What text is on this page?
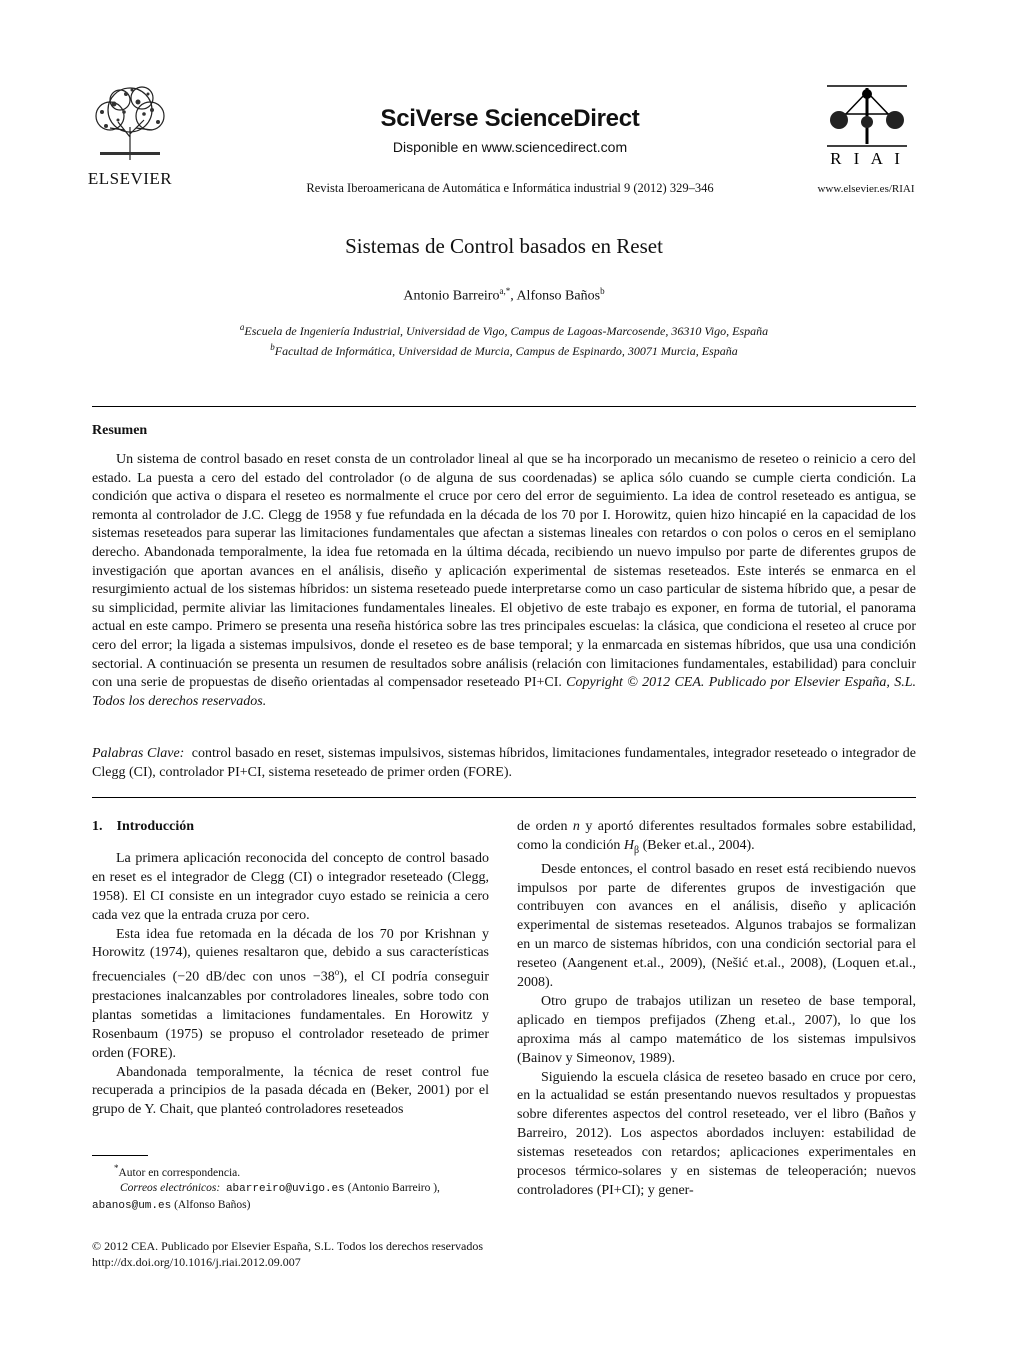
ELSEVIER
SciVerse ScienceDirect
Disponible en www.sciencedirect.com
Revista Iberoamericana de Automática e Informática industrial 9 (2012) 329–346
R I A I
www.elsevier.es/RIAI
Sistemas de Control basados en Reset
Antonio Barreiro$^{a,*}$, Alfonso Baños$^b$
$^a$Escuela de Ingeniería Industrial, Universidad de Vigo, Campus de Lagoas-Marcosende, 36310 Vigo, España
$^b$Facultad de Informática, Universidad de Murcia, Campus de Espinardo, 30071 Murcia, España
Resumen
Un sistema de control basado en reset consta de un controlador lineal al que se ha incorporado un mecanismo de reseteo o reinicio a cero del estado. La puesta a cero del estado del controlador (o de alguna de sus coordenadas) se aplica sólo cuando se cumple cierta condición. La condición que activa o dispara el reseteo es normalmente el cruce por cero del error de seguimiento. La idea de control reseteado es antigua, se remonta al controlador de J.C. Clegg de 1958 y fue refundada en la década de los 70 por I. Horowitz, quien hizo hincapié en la capacidad de los sistemas reseteados para superar las limitaciones fundamentales que afectan a sistemas lineales con retardos o con polos o ceros en el semiplano derecho. Abandonada temporalmente, la idea fue retomada en la última década, recibiendo un nuevo impulso por parte de diferentes grupos de investigación que aportan avances en el análisis, diseño y aplicación experimental de sistemas reseteados. Este interés se enmarca en el resurgimiento actual de los sistemas híbridos: un sistema reseteado puede interpretarse como un caso particular de sistema híbrido que, a pesar de su simplicidad, permite aliviar las limitaciones fundamentales lineales. El objetivo de este trabajo es exponer, en forma de tutorial, el panorama actual en este campo. Primero se presenta una reseña histórica sobre las tres principales escuelas: la clásica, que condiciona el reseteo al cruce por cero del error; la ligada a sistemas impulsivos, donde el reseteo es de base temporal; y la enmarcada en sistemas híbridos, que usa una condición sectorial. A continuación se presenta un resumen de resultados sobre análisis (relación con limitaciones fundamentales, estabilidad) para concluir con una serie de propuestas de diseño orientadas al compensador reseteado PI+CI. Copyright © 2012 CEA. Publicado por Elsevier España, S.L. Todos los derechos reservados.
Palabras Clave: control basado en reset, sistemas impulsivos, sistemas híbridos, limitaciones fundamentales, integrador reseteado o integrador de Clegg (CI), controlador PI+CI, sistema reseteado de primer orden (FORE).
1. Introducción

La primera aplicación reconocida del concepto de control basado en reset es el integrador de Clegg (CI) o integrador reseteado (Clegg, 1958). El CI consiste en un integrador cuyo estado se reinicia a cero cada vez que la entrada cruza por cero.

Esta idea fue retomada en la década de los 70 por Krishnan y Horowitz (1974), quienes resaltaron que, debido a sus características frecuenciales (−20 dB/dec con unos $-38^o$), el CI podría conseguir prestaciones inalcanzables por controladores lineales, sobre todo con plantas sometidas a limitaciones fundamentales. En Horowitz y Rosenbaum (1975) se propuso el controlador reseteado de primer orden (FORE).

Abandonada temporalmente, la técnica de reset control fue recuperada a principios de la pasada década en (Beker, 2001) por el grupo de Y. Chait, que planteó controladores reseteados

de orden n y aportó diferentes resultados formales sobre estabilidad, como la condición $H_\beta$ (Beker et.al., 2004).

Desde entonces, el control basado en reset está recibiendo nuevos impulsos por parte de diferentes grupos de investigación que contribuyen con avances en el análisis, diseño y aplicación experimental de sistemas reseteados. Algunos trabajos se formalizan en un marco de sistemas híbridos, con una condición sectorial para el reseteo (Aangenent et.al., 2009), (Nešić et.al., 2008), (Loquen et.al., 2008).

Otro grupo de trabajos utilizan un reseteo de base temporal, aplicado en tiempos prefijados (Zheng et.al., 2007), lo que los aproxima más al campo matemático de los sistemas impulsivos (Bainov y Simeonov, 1989).

Siguiendo la escuela clásica de reseteo basado en cruce por cero, en la actualidad se están presentando nuevos resultados y propuestas sobre diferentes aspectos del control reseteado, ver el libro (Baños y Barreiro, 2012). Los aspectos abordados incluyen: estabilidad de sistemas reseteados con retardos; aplicaciones experimentales en procesos térmico-solares y en sistemas de teleoperación; nuevos controladores (PI+CI); y gener-

*Autor en correspondencia.
Correos electrónicos: abarreiro@uvigo.es (Antonio Barreiro ),
abanos@um.es (Alfonso Baños)
© 2012 CEA. Publicado por Elsevier España, S.L. Todos los derechos reservados
http://dx.doi.org/10.1016/j.riai.2012.09.007
